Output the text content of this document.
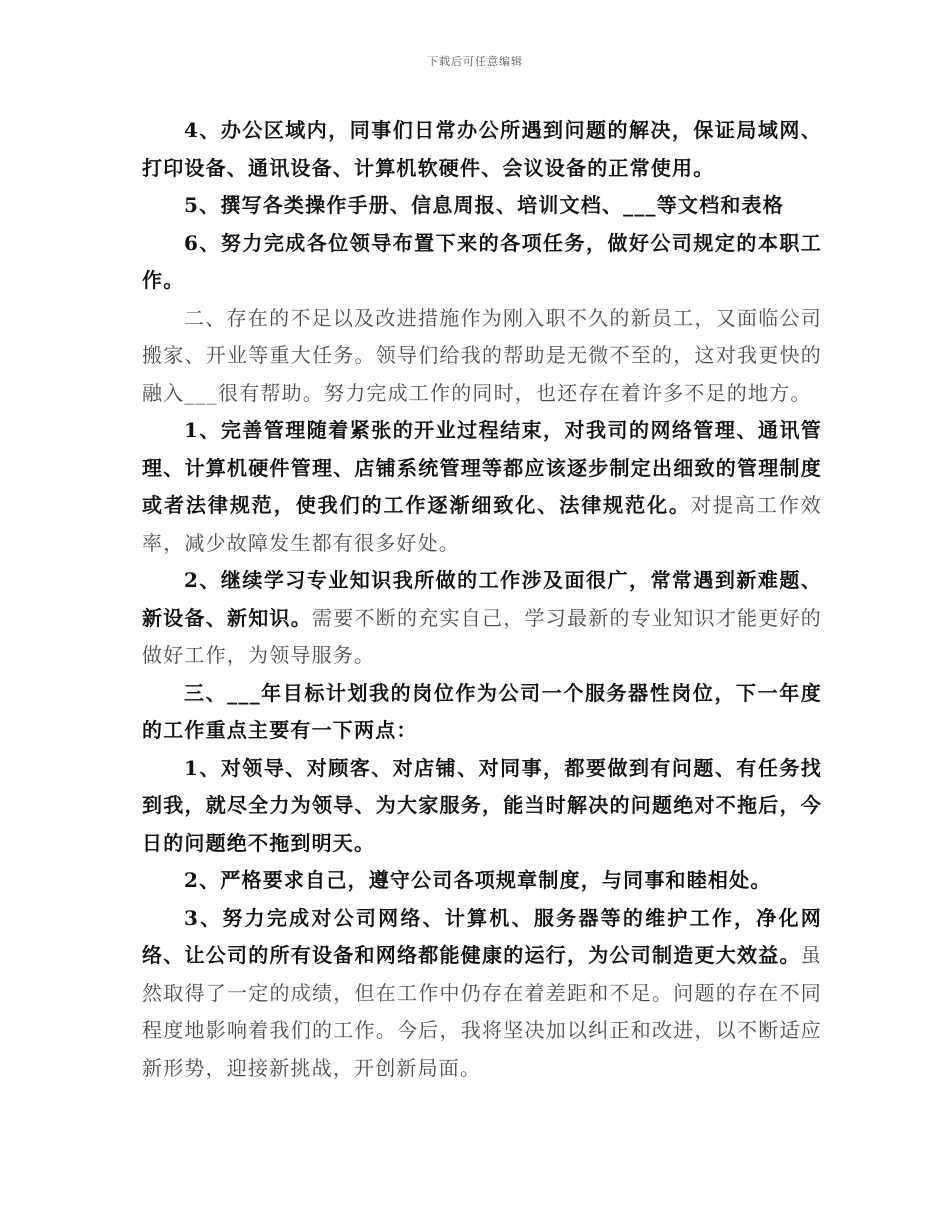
下载后可任意编辑

4、办公区域内，同事们日常办公所遇到问题的解决，保证局域网、打印设备、通讯设备、计算机软硬件、会议设备的正常使用。

5、撰写各类操作手册、信息周报、培训文档、___等文档和表格

6、努力完成各位领导布置下来的各项任务，做好公司规定的本职工作。

二、存在的不足以及改进措施作为刚入职不久的新员工，又面临公司搬家、开业等重大任务。领导们给我的帮助是无微不至的，这对我更快的融入___很有帮助。努力完成工作的同时，也还存在着许多不足的地方。

1、完善管理随着紧张的开业过程结束，对我司的网络管理、通讯管理、计算机硬件管理、店铺系统管理等都应该逐步制定出细致的管理制度或者法律规范，使我们的工作逐渐细致化、法律规范化。对提高工作效率，减少故障发生都有很多好处。

2、继续学习专业知识我所做的工作涉及面很广，常常遇到新难题、新设备、新知识。需要不断的充实自己，学习最新的专业知识才能更好的做好工作，为领导服务。

三、___年目标计划我的岗位作为公司一个服务器性岗位，下一年度的工作重点主要有一下两点：

1、对领导、对顾客、对店铺、对同事，都要做到有问题、有任务找到我，就尽全力为领导、为大家服务，能当时解决的问题绝对不拖后，今日的问题绝不拖到明天。

2、严格要求自己，遵守公司各项规章制度，与同事和睦相处。

3、努力完成对公司网络、计算机、服务器等的维护工作，净化网络、让公司的所有设备和网络都能健康的运行，为公司制造更大效益。虽然取得了一定的成绩，但在工作中仍存在着差距和不足。问题的存在不同程度地影响着我们的工作。今后，我将坚决加以纠正和改进，以不断适应新形势，迎接新挑战，开创新局面。
